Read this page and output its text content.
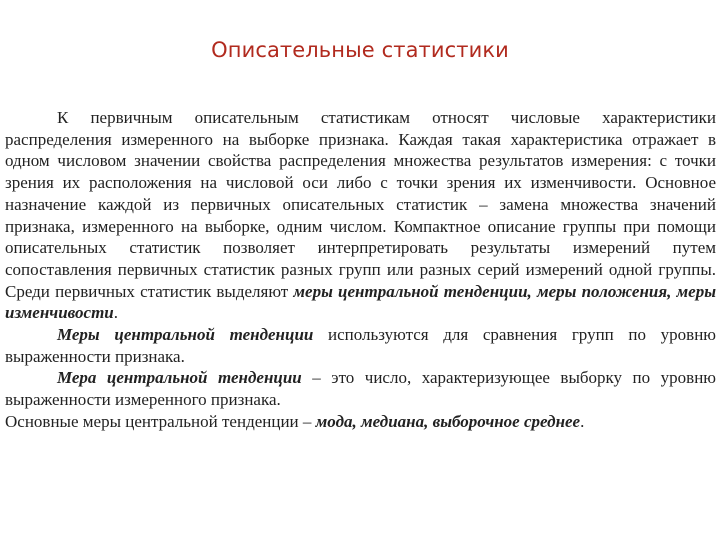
Описательные статистики

К первичным описательным статистикам относят числовые характеристики распределения измеренного на выборке признака. Каждая такая характеристика отражает в одном числовом значении свойства распределения множества результатов измерения: с точки зрения их расположения на числовой оси либо с точки зрения их изменчивости. Основное назначение каждой из первичных описательных статистик – замена множества значений признака, измеренного на выборке, одним числом. Компактное описание группы при помощи описательных статистик позволяет интерпретировать результаты измерений путем сопоставления первичных статистик разных групп или разных серий измерений одной группы. Среди первичных статистик выделяют меры центральной тенденции, меры положения, меры изменчивости.

Меры центральной тенденции используются для сравнения групп по уровню выраженности признака.

Мера центральной тенденции – это число, характеризующее выборку по уровню выраженности измеренного признака.

Основные меры центральной тенденции – мода, медиана, выборочное среднее.
